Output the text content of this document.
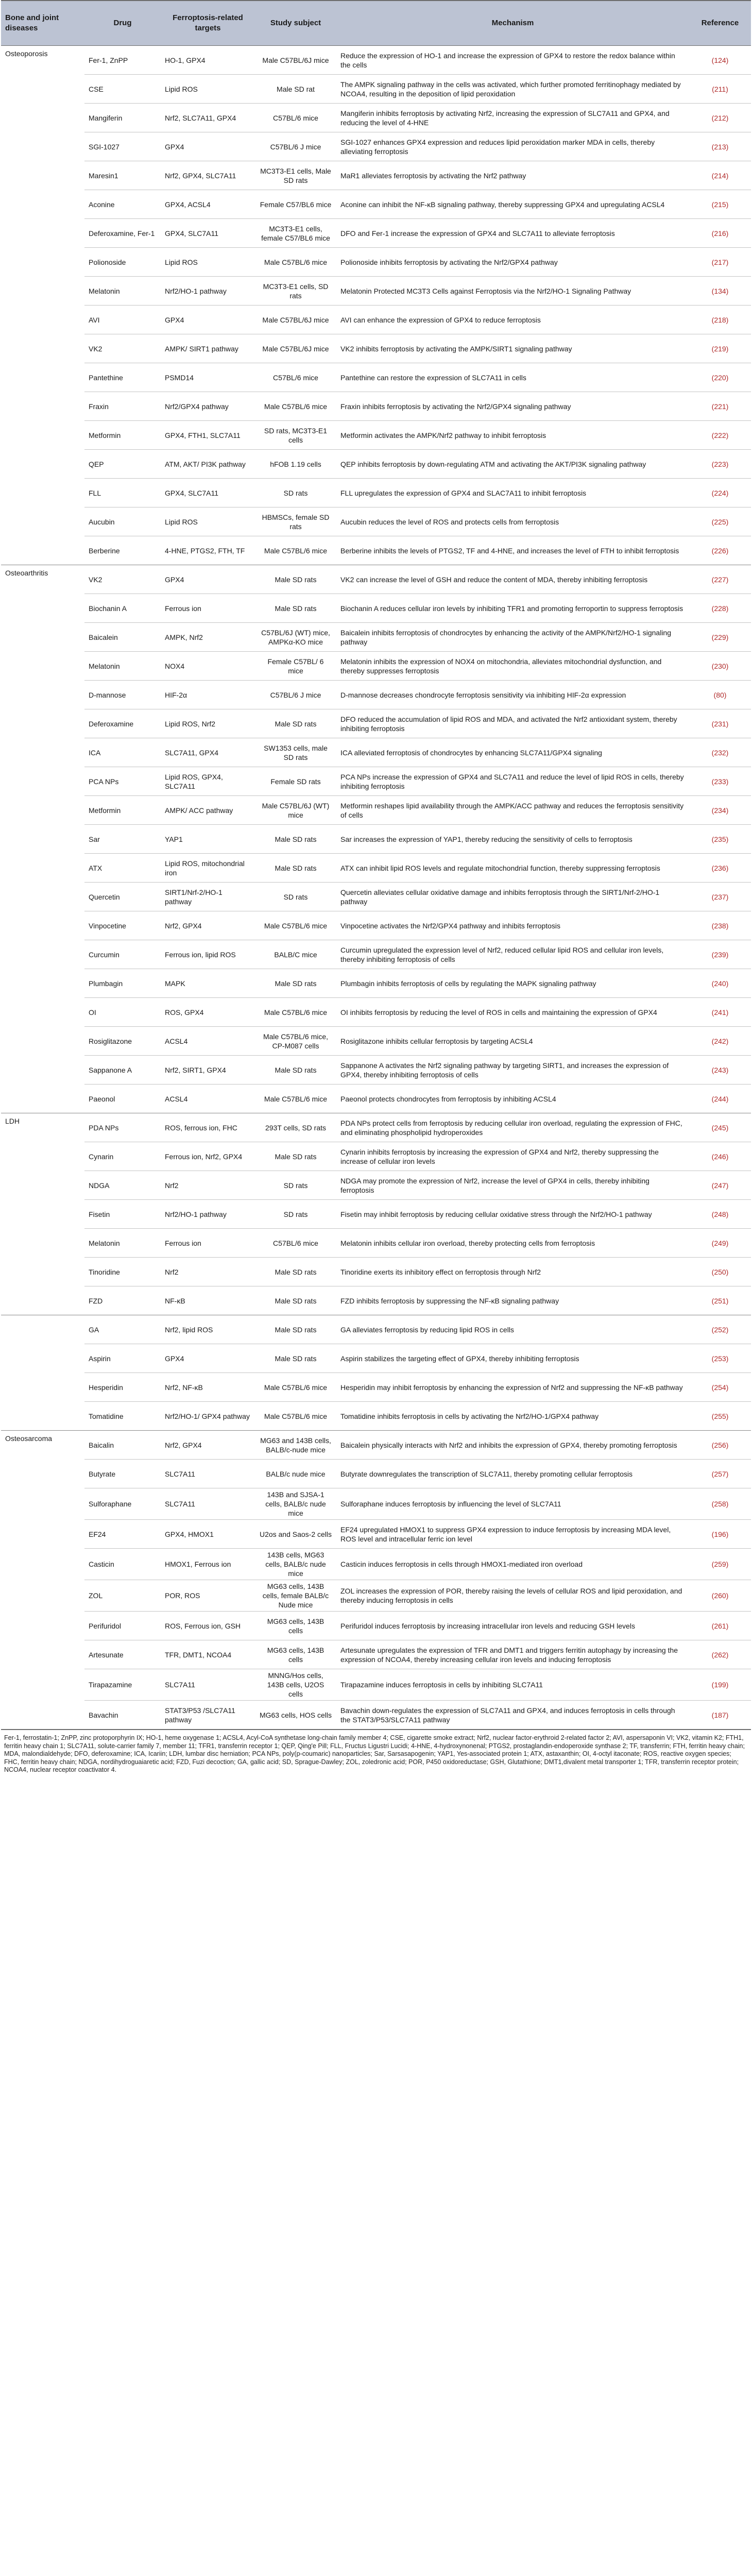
Bone and joint diseases	Drug	Ferroptosis-related targets	Study subject	Mechanism	Reference
Osteoporosis	Fer-1, ZnPP	HO-1, GPX4	Male C57BL/6J mice	Reduce the expression of HO-1 and increase the expression of GPX4 to restore the redox balance within the cells	(124)
	CSE	Lipid ROS	Male SD rat	The AMPK signaling pathway in the cells was activated, which further promoted ferritinophagy mediated by NCOA4, resulting in the deposition of lipid peroxidation	(211)
	Mangiferin	Nrf2, SLC7A11, GPX4	C57BL/6 mice	Mangiferin inhibits ferroptosis by activating Nrf2, increasing the expression of SLC7A11 and GPX4, and reducing the level of 4-HNE	(212)
	SGI-1027	GPX4	C57BL/6 J mice	SGI-1027 enhances GPX4 expression and reduces lipid peroxidation marker MDA in cells, thereby alleviating ferroptosis	(213)
	Maresin1	Nrf2, GPX4, SLC7A11	MC3T3-E1 cells, Male SD rats	MaR1 alleviates ferroptosis by activating the Nrf2 pathway	(214)
	Aconine	GPX4, ACSL4	Female C57/BL6 mice	Aconine can inhibit the NF-κB signaling pathway, thereby suppressing GPX4 and upregulating ACSL4	(215)
	Deferoxamine, Fer-1	GPX4, SLC7A11	MC3T3-E1 cells, female C57/BL6 mice	DFO and Fer-1 increase the expression of GPX4 and SLC7A11 to alleviate ferroptosis	(216)
	Polionoside	Lipid ROS	Male C57BL/6 mice	Polionoside inhibits ferroptosis by activating the Nrf2/GPX4 pathway	(217)
	Melatonin	Nrf2/HO-1 pathway	MC3T3-E1 cells, SD rats	Melatonin Protected MC3T3 Cells against Ferroptosis via the Nrf2/HO-1 Signaling Pathway	(134)
	AVI	GPX4	Male C57BL/6J mice	AVI can enhance the expression of GPX4 to reduce ferroptosis	(218)
	VK2	AMPK/ SIRT1 pathway	Male C57BL/6J mice	VK2 inhibits ferroptosis by activating the AMPK/SIRT1 signaling pathway	(219)
	Pantethine	PSMD14	C57BL/6 mice	Pantethine can restore the expression of SLC7A11 in cells	(220)
	Fraxin	Nrf2/GPX4 pathway	Male C57BL/6 mice	Fraxin inhibits ferroptosis by activating the Nrf2/GPX4 signaling pathway	(221)
	Metformin	GPX4, FTH1, SLC7A11	SD rats, MC3T3-E1 cells	Metformin activates the AMPK/Nrf2 pathway to inhibit ferroptosis	(222)
	QEP	ATM, AKT/ PI3K pathway	hFOB 1.19 cells	QEP inhibits ferroptosis by down-regulating ATM and activating the AKT/PI3K signaling pathway	(223)
	FLL	GPX4, SLC7A11	SD rats	FLL upregulates the expression of GPX4 and SLAC7A11 to inhibit ferroptosis	(224)
	Aucubin	Lipid ROS	HBMSCs, female SD rats	Aucubin reduces the level of ROS and protects cells from ferroptosis	(225)
	Berberine	4-HNE, PTGS2, FTH, TF	Male C57BL/6 mice	Berberine inhibits the levels of PTGS2, TF and 4-HNE, and increases the level of FTH to inhibit ferroptosis	(226)
Osteoarthritis	VK2	GPX4	Male SD rats	VK2 can increase the level of GSH and reduce the content of MDA, thereby inhibiting ferroptosis	(227)
	Biochanin A	Ferrous ion	Male SD rats	Biochanin A reduces cellular iron levels by inhibiting TFR1 and promoting ferroportin to suppress ferroptosis	(228)
	Baicalein	AMPK, Nrf2	C57BL/6J (WT) mice, AMPKα-KO mice	Baicalein inhibits ferroptosis of chondrocytes by enhancing the activity of the AMPK/Nrf2/HO-1 signaling pathway	(229)
	Melatonin	NOX4	Female C57BL/ 6 mice	Melatonin inhibits the expression of NOX4 on mitochondria, alleviates mitochondrial dysfunction, and thereby suppresses ferroptosis	(230)
	D-mannose	HIF-2α	C57BL/6 J mice	D-mannose decreases chondrocyte ferroptosis sensitivity via inhibiting HIF-2α expression	(80)
	Deferoxamine	Lipid ROS, Nrf2	Male SD rats	DFO reduced the accumulation of lipid ROS and MDA, and activated the Nrf2 antioxidant system, thereby inhibiting ferroptosis	(231)
	ICA	SLC7A11, GPX4	SW1353 cells, male SD rats	ICA alleviated ferroptosis of chondrocytes by enhancing SLC7A11/GPX4 signaling	(232)
	PCA NPs	Lipid ROS, GPX4, SLC7A11	Female SD rats	PCA NPs increase the expression of GPX4 and SLC7A11 and reduce the level of lipid ROS in cells, thereby inhibiting ferroptosis	(233)
	Metformin	AMPK/ ACC pathway	Male C57BL/6J (WT) mice	Metformin reshapes lipid availability through the AMPK/ACC pathway and reduces the ferroptosis sensitivity of cells	(234)
	Sar	YAP1	Male SD rats	Sar increases the expression of YAP1, thereby reducing the sensitivity of cells to ferroptosis	(235)
	ATX	Lipid ROS, mitochondrial iron	Male SD rats	ATX can inhibit lipid ROS levels and regulate mitochondrial function, thereby suppressing ferroptosis	(236)
	Quercetin	SIRT1/Nrf-2/HO-1 pathway	SD rats	Quercetin alleviates cellular oxidative damage and inhibits ferroptosis through the SIRT1/Nrf-2/HO-1 pathway	(237)
	Vinpocetine	Nrf2, GPX4	Male C57BL/6 mice	Vinpocetine activates the Nrf2/GPX4 pathway and inhibits ferroptosis	(238)
	Curcumin	Ferrous ion, lipid ROS	BALB/C mice	Curcumin upregulated the expression level of Nrf2, reduced cellular lipid ROS and cellular iron levels, thereby inhibiting ferroptosis of cells	(239)
	Plumbagin	MAPK	Male SD rats	Plumbagin inhibits ferroptosis of cells by regulating the MAPK signaling pathway	(240)
	OI	ROS, GPX4	Male C57BL/6 mice	OI inhibits ferroptosis by reducing the level of ROS in cells and maintaining the expression of GPX4	(241)
	Rosiglitazone	ACSL4	Male C57BL/6 mice, CP-M087 cells	Rosiglitazone inhibits cellular ferroptosis by targeting ACSL4	(242)
	Sappanone A	Nrf2, SIRT1, GPX4	Male SD rats	Sappanone A activates the Nrf2 signaling pathway by targeting SIRT1, and increases the expression of GPX4, thereby inhibiting ferroptosis of cells	(243)
	Paeonol	ACSL4	Male C57BL/6 mice	Paeonol protects chondrocytes from ferroptosis by inhibiting ACSL4	(244)
LDH	PDA NPs	ROS, ferrous ion, FHC	293T cells, SD rats	PDA NPs protect cells from ferroptosis by reducing cellular iron overload, regulating the expression of FHC, and eliminating phospholipid hydroperoxides	(245)
	Cynarin	Ferrous ion, Nrf2, GPX4	Male SD rats	Cynarin inhibits ferroptosis by increasing the expression of GPX4 and Nrf2, thereby suppressing the increase of cellular iron levels	(246)
	NDGA	Nrf2	SD rats	NDGA may promote the expression of Nrf2, increase the level of GPX4 in cells, thereby inhibiting ferroptosis	(247)
	Fisetin	Nrf2/HO-1 pathway	SD rats	Fisetin may inhibit ferroptosis by reducing cellular oxidative stress through the Nrf2/HO-1 pathway	(248)
	Melatonin	Ferrous ion	C57BL/6 mice	Melatonin inhibits cellular iron overload, thereby protecting cells from ferroptosis	(249)
	Tinoridine	Nrf2	Male SD rats	Tinoridine exerts its inhibitory effect on ferroptosis through Nrf2	(250)
	FZD	NF-κB	Male SD rats	FZD inhibits ferroptosis by suppressing the NF-κB signaling pathway	(251)
	GA	Nrf2, lipid ROS	Male SD rats	GA alleviates ferroptosis by reducing lipid ROS in cells	(252)
	Aspirin	GPX4	Male SD rats	Aspirin stabilizes the targeting effect of GPX4, thereby inhibiting ferroptosis	(253)
	Hesperidin	Nrf2, NF-κB	Male C57BL/6 mice	Hesperidin may inhibit ferroptosis by enhancing the expression of Nrf2 and suppressing the NF-κB pathway	(254)
	Tomatidine	Nrf2/HO-1/ GPX4 pathway	Male C57BL/6 mice	Tomatidine inhibits ferroptosis in cells by activating the Nrf2/HO-1/GPX4 pathway	(255)
Osteosarcoma	Baicalin	Nrf2, GPX4	MG63 and 143B cells, BALB/c-nude mice	Baicalein physically interacts with Nrf2 and inhibits the expression of GPX4, thereby promoting ferroptosis	(256)
	Butyrate	SLC7A11	BALB/c nude mice	Butyrate downregulates the transcription of SLC7A11, thereby promoting cellular ferroptosis	(257)
	Sulforaphane	SLC7A11	143B and SJSA-1 cells, BALB/c nude mice	Sulforaphane induces ferroptosis by influencing the level of SLC7A11	(258)
	EF24	GPX4, HMOX1	U2os and Saos-2 cells	EF24 upregulated HMOX1 to suppress GPX4 expression to induce ferroptosis by increasing MDA level, ROS level and intracellular ferric ion level	(196)
	Casticin	HMOX1, Ferrous ion	143B cells, MG63 cells, BALB/c nude mice	Casticin induces ferroptosis in cells through HMOX1-mediated iron overload	(259)
	ZOL	POR, ROS	MG63 cells, 143B cells, female BALB/c Nude mice	ZOL increases the expression of POR, thereby raising the levels of cellular ROS and lipid peroxidation, and thereby inducing ferroptosis in cells	(260)
	Perifuridol	ROS, Ferrous ion, GSH	MG63 cells, 143B cells	Perifuridol induces ferroptosis by increasing intracellular iron levels and reducing GSH levels	(261)
	Artesunate	TFR, DMT1, NCOA4	MG63 cells, 143B cells	Artesunate upregulates the expression of TFR and DMT1 and triggers ferritin autophagy by increasing the expression of NCOA4, thereby increasing cellular iron levels and inducing ferroptosis	(262)
	Tirapazamine	SLC7A11	MNNG/Hos cells, 143B cells, U2OS cells	Tirapazamine induces ferroptosis in cells by inhibiting SLC7A11	(199)
	Bavachin	STAT3/P53 /SLC7A11 pathway	MG63 cells, HOS cells	Bavachin down-regulates the expression of SLC7A11 and GPX4, and induces ferroptosis in cells through the STAT3/P53/SLC7A11 pathway	(187)
Fer-1, ferrostatin-1; ZnPP, zinc protoporphyrin IX; HO-1, heme oxygenase 1; ACSL4, Acyl-CoA synthetase long-chain family member 4; CSE, cigarette smoke extract; Nrf2, nuclear factor-erythroid 2-related factor 2; AVI, aspersaponin VI; VK2, vitamin K2; FTH1, ferritin heavy chain 1; SLC7A11, solute-carrier family 7, member 11; TFR1, transferrin receptor 1; QEP, Qing'e Pill; FLL, Fructus Ligustri Lucidi; 4-HNE, 4-hydroxynonenal; PTGS2, prostaglandin-endoperoxide synthase 2; TF, transferrin; FTH, ferritin heavy chain; MDA, malondialdehyde; DFO, deferoxamine; ICA, Icariin; LDH, lumbar disc herniation; PCA NPs, poly(p-coumaric) nanoparticles; Sar, Sarsasapogenin; YAP1, Yes-associated protein 1; ATX, astaxanthin; OI, 4-octyl itaconate; ROS, reactive oxygen species; FHC, ferritin heavy chain; NDGA, nordihydroguaiaretic acid; FZD, Fuzi decoction; GA, gallic acid; SD, Sprague-Dawley; ZOL, zoledronic acid; POR, P450 oxidoreductase; GSH, Glutathione; DMT1,divalent metal transporter 1; TFR, transferrin receptor protein; NCOA4, nuclear receptor coactivator 4.
